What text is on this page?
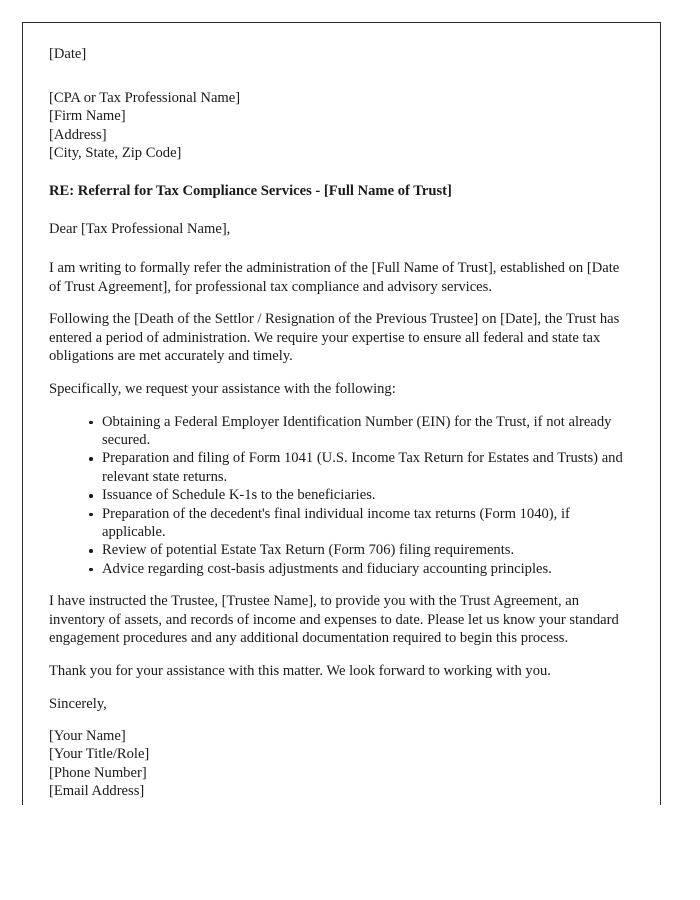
[Date]
[CPA or Tax Professional Name]
[Firm Name]
[Address]
[City, State, Zip Code]
RE: Referral for Tax Compliance Services - [Full Name of Trust]
Dear [Tax Professional Name],

I am writing to formally refer the administration of the [Full Name of Trust], established on [Date of Trust Agreement], for professional tax compliance and advisory services.

Following the [Death of the Settlor / Resignation of the Previous Trustee] on [Date], the Trust has entered a period of administration. We require your expertise to ensure all federal and state tax obligations are met accurately and timely.

Specifically, we request your assistance with the following:

Obtaining a Federal Employer Identification Number (EIN) for the Trust, if not already secured.
Preparation and filing of Form 1041 (U.S. Income Tax Return for Estates and Trusts) and relevant state returns.
Issuance of Schedule K-1s to the beneficiaries.
Preparation of the decedent's final individual income tax returns (Form 1040), if applicable.
Review of potential Estate Tax Return (Form 706) filing requirements.
Advice regarding cost-basis adjustments and fiduciary accounting principles.

I have instructed the Trustee, [Trustee Name], to provide you with the Trust Agreement, an inventory of assets, and records of income and expenses to date. Please let us know your standard engagement procedures and any additional documentation required to begin this process.

Thank you for your assistance with this matter. We look forward to working with you.

Sincerely,
[Your Name]
[Your Title/Role]
[Phone Number]
[Email Address]
